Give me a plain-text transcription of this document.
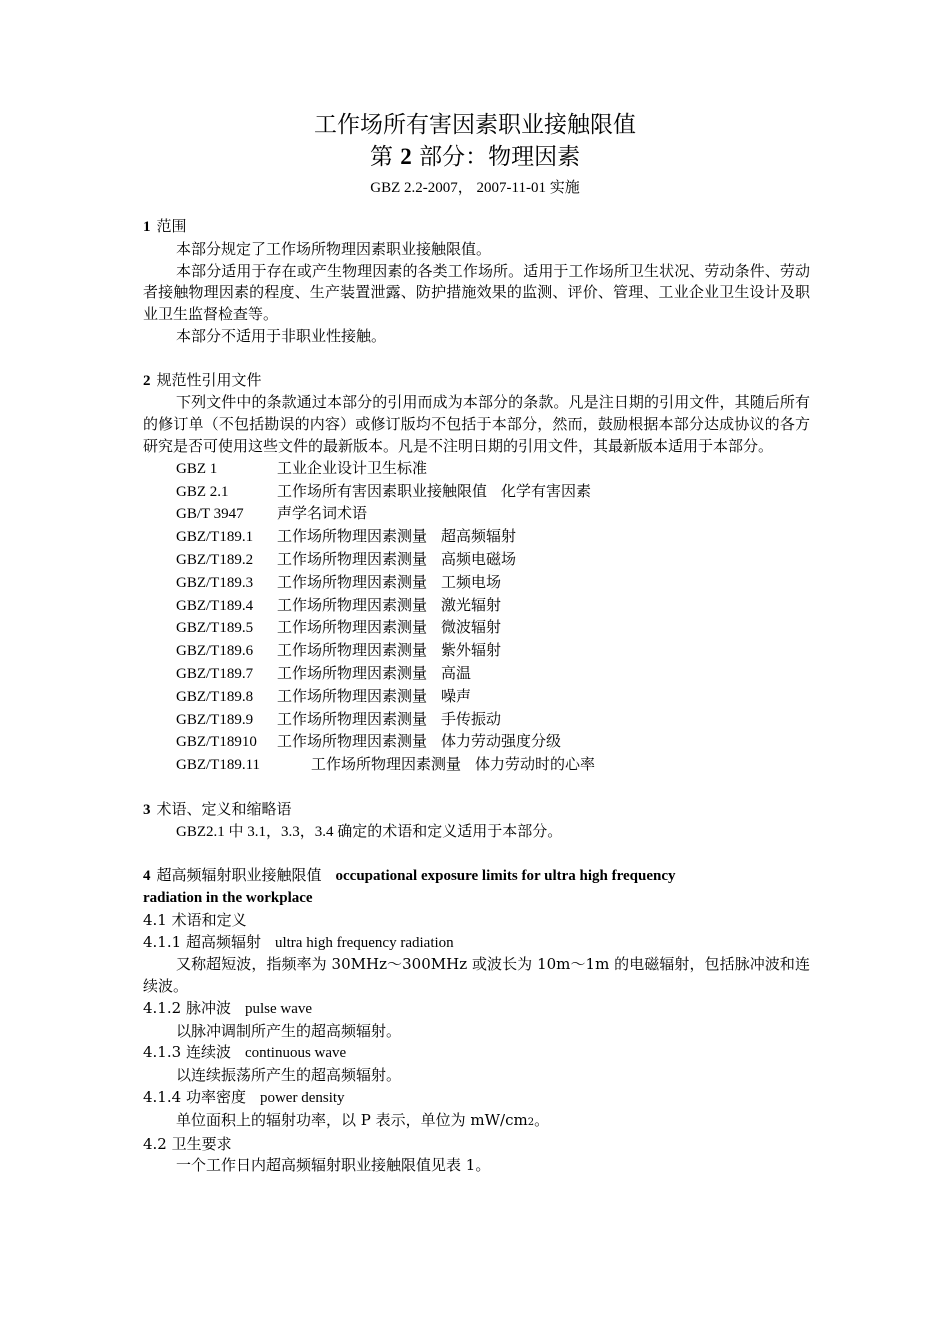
工作场所有害因素职业接触限值
第 2 部分：物理因素
GBZ 2.2-2007， 2007-11-01 实施
1 范围

本部分规定了工作场所物理因素职业接触限值。

本部分适用于存在或产生物理因素的各类工作场所。适用于工作场所卫生状况、劳动条件、劳动者接触物理因素的程度、生产装置泄露、防护措施效果的监测、评价、管理、工业企业卫生设计及职业卫生监督检查等。

本部分不适用于非职业性接触。

2 规范性引用文件

下列文件中的条款通过本部分的引用而成为本部分的条款。凡是注日期的引用文件，其随后所有的修订单（不包括勘误的内容）或修订版均不包括于本部分，然而，鼓励根据本部分达成协议的各方研究是否可使用这些文件的最新版本。凡是不注明日期的引用文件，其最新版本适用于本部分。

GBZ 1	工业企业设计卫生标准
GBZ 2.1	工作场所有害因素职业接触限值 化学有害因素
GB/T 3947 声学名词术语
GBZ/T189.1 工作场所物理因素测量 超高频辐射
GBZ/T189.2 工作场所物理因素测量 高频电磁场
GBZ/T189.3 工作场所物理因素测量 工频电场
GBZ/T189.4 工作场所物理因素测量 激光辐射
GBZ/T189.5 工作场所物理因素测量 微波辐射
GBZ/T189.6 工作场所物理因素测量 紫外辐射
GBZ/T189.7 工作场所物理因素测量 高温
GBZ/T189.8 工作场所物理因素测量 噪声
GBZ/T189.9 工作场所物理因素测量 手传振动
GBZ/T18910 工作场所物理因素测量 体力劳动强度分级
GBZ/T189.11	工作场所物理因素测量 体力劳动时的心率
3 术语、定义和缩略语

GBZ2.1 中 3.1，3.3，3.4 确定的术语和定义适用于本部分。

4 超高频辐射职业接触限值 occupational exposure limits for ultra high frequency
radiation in the workplace
4.1 术语和定义
4.1.1 超高频辐射 ultra high frequency radiation

又称超短波，指频率为 30MHz～300MHz 或波长为 10m～1m 的电磁辐射，包括脉冲波和连续波。

4.1.2 脉冲波 pulse wave

以脉冲调制所产生的超高频辐射。

4.1.3 连续波 continuous wave

以连续振荡所产生的超高频辐射。

4.1.4 功率密度 power density

单位面积上的辐射功率，以 P 表示，单位为 mW/cm2。

4.2 卫生要求

一个工作日内超高频辐射职业接触限值见表 1。
